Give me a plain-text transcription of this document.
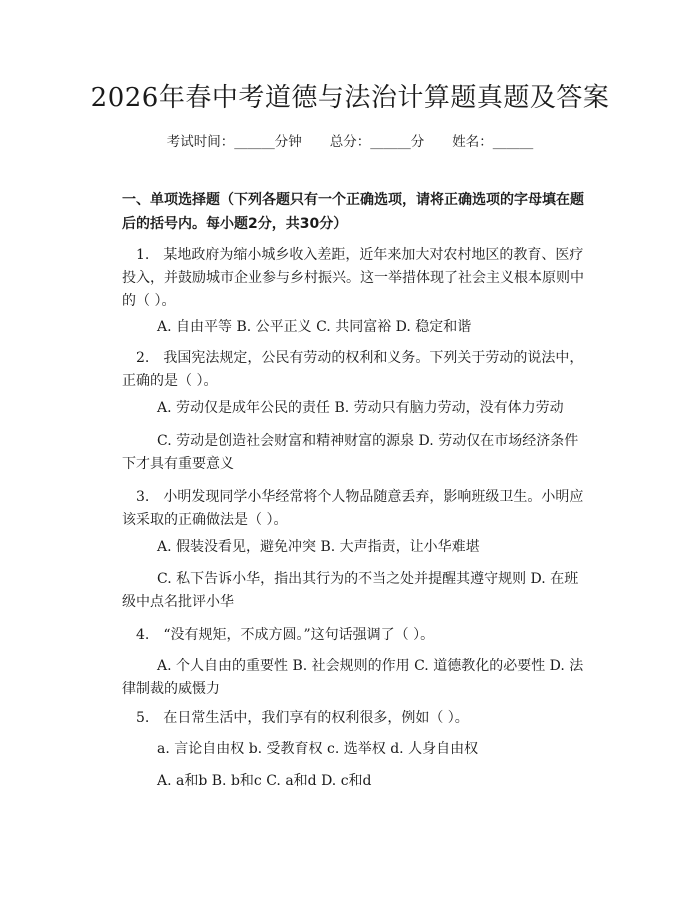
2026年春中考道德与法治计算题真题及答案
考试时间：______分钟 总分：______分 姓名：______
一、单项选择题（下列各题只有一个正确选项，请将正确选项的字母填在题后的括号内。每小题2分，共30分）
1.　某地政府为缩小城乡收入差距，近年来加大对农村地区的教育、医疗投入，并鼓励城市企业参与乡村振兴。这一举措体现了社会主义根本原则中的（ ）。
A. 自由平等 B. 公平正义 C. 共同富裕 D. 稳定和谐
2.　我国宪法规定，公民有劳动的权利和义务。下列关于劳动的说法中，正确的是（ ）。
A. 劳动仅是成年公民的责任 B. 劳动只有脑力劳动，没有体力劳动
C. 劳动是创造社会财富和精神财富的源泉 D. 劳动仅在市场经济条件下才具有重要意义
3.　小明发现同学小华经常将个人物品随意丢弃，影响班级卫生。小明应该采取的正确做法是（ ）。
A. 假装没看见，避免冲突 B. 大声指责，让小华难堪
C. 私下告诉小华，指出其行为的不当之处并提醒其遵守规则 D. 在班级中点名批评小华
4.　“没有规矩，不成方圆。”这句话强调了（ ）。
A. 个人自由的重要性 B. 社会规则的作用 C. 道德教化的必要性 D. 法律制裁的威慑力
5.　在日常生活中，我们享有的权利很多，例如（ ）。
a. 言论自由权 b. 受教育权 c. 选举权 d. 人身自由权
A. a和b B. b和c C. a和d D. c和d
